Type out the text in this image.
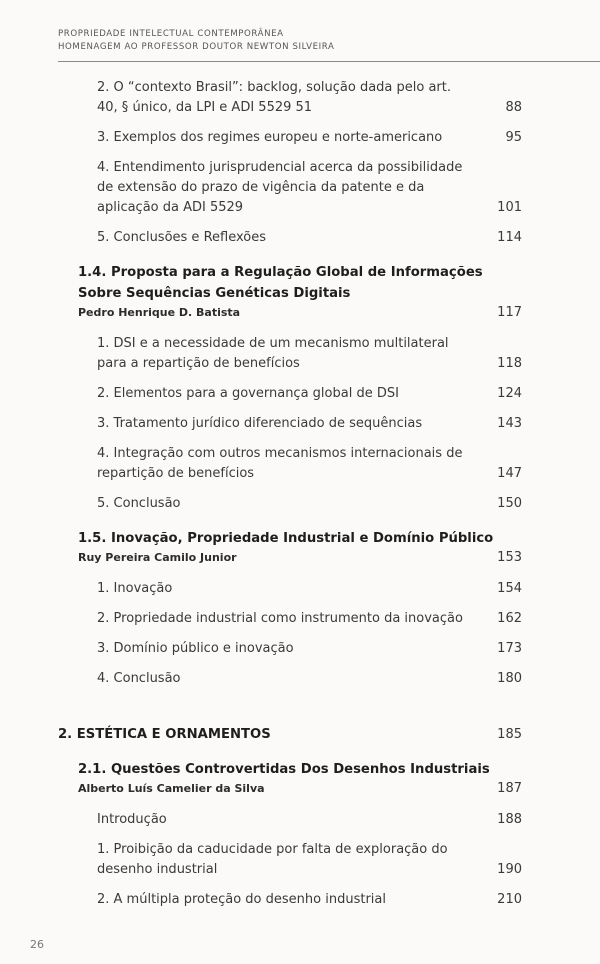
PROPRIEDADE INTELECTUAL CONTEMPORÂNEA
HOMENAGEM AO PROFESSOR DOUTOR NEWTON SILVEIRA
2. O “contexto Brasil”: backlog, solução dada pelo art. 40, § único, da LPI e ADI 5529 51	88
3. Exemplos dos regimes europeu e norte-americano	95
4. Entendimento jurisprudencial acerca da possibilidade de extensão do prazo de vigência da patente e da aplicação da ADI 5529	101
5. Conclusões e Reflexões	114
1.4. Proposta para a Regulação Global de Informações Sobre Sequências Genéticas Digitais
Pedro Henrique D. Batista	117
1. DSI e a necessidade de um mecanismo multilateral para a repartição de benefícios	118
2. Elementos para a governança global de DSI	124
3. Tratamento jurídico diferenciado de sequências	143
4. Integração com outros mecanismos internacionais de repartição de benefícios	147
5. Conclusão	150
1.5. Inovação, Propriedade Industrial e Domínio Público
Ruy Pereira Camilo Junior	153
1. Inovação	154
2. Propriedade industrial como instrumento da inovação	162
3. Domínio público e inovação	173
4. Conclusão	180
2. ESTÉTICA E ORNAMENTOS	185
2.1. Questões Controvertidas Dos Desenhos Industriais
Alberto Luís Camelier da Silva	187
Introdução	188
1. Proibição da caducidade por falta de exploração do desenho industrial	190
2. A múltipla proteção do desenho industrial	210
26
